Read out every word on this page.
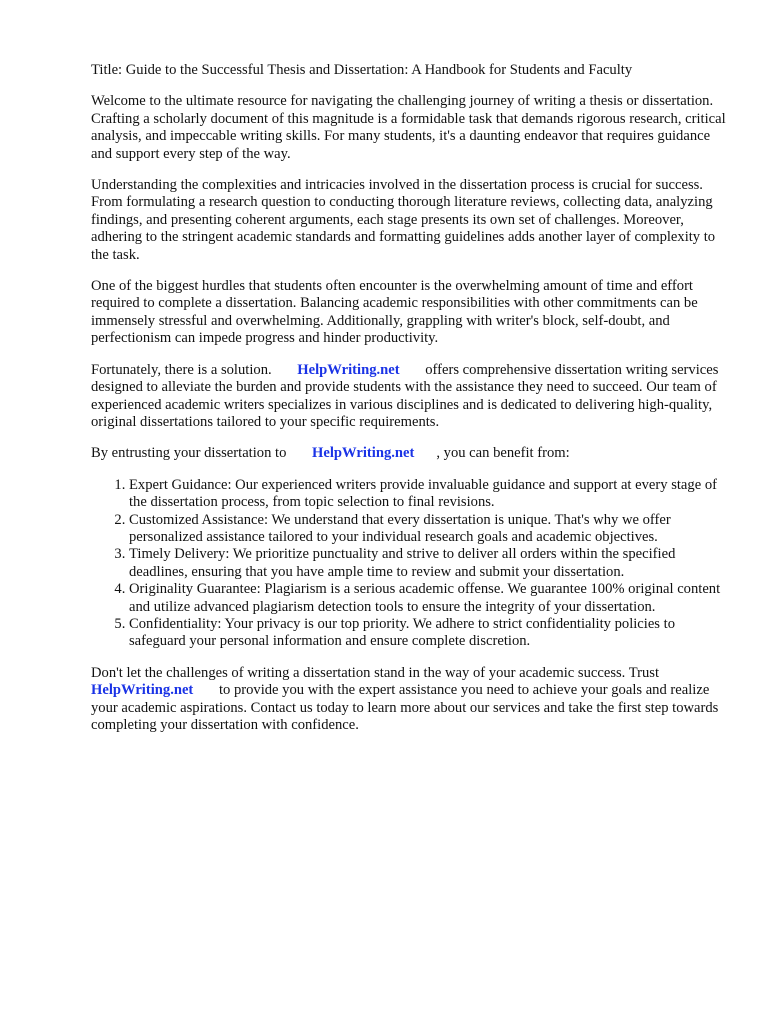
Title: Guide to the Successful Thesis and Dissertation: A Handbook for Students and Faculty

Welcome to the ultimate resource for navigating the challenging journey of writing a thesis or dissertation. Crafting a scholarly document of this magnitude is a formidable task that demands rigorous research, critical analysis, and impeccable writing skills. For many students, it's a daunting endeavor that requires guidance and support every step of the way.

Understanding the complexities and intricacies involved in the dissertation process is crucial for success. From formulating a research question to conducting thorough literature reviews, collecting data, analyzing findings, and presenting coherent arguments, each stage presents its own set of challenges. Moreover, adhering to the stringent academic standards and formatting guidelines adds another layer of complexity to the task.

One of the biggest hurdles that students often encounter is the overwhelming amount of time and effort required to complete a dissertation. Balancing academic responsibilities with other commitments can be immensely stressful and overwhelming. Additionally, grappling with writer's block, self-doubt, and perfectionism can impede progress and hinder productivity.

Fortunately, there is a solution. HelpWriting.net offers comprehensive dissertation writing services designed to alleviate the burden and provide students with the assistance they need to succeed. Our team of experienced academic writers specializes in various disciplines and is dedicated to delivering high-quality, original dissertations tailored to your specific requirements.

By entrusting your dissertation to HelpWriting.net , you can benefit from:

1. Expert Guidance: Our experienced writers provide invaluable guidance and support at every stage of the dissertation process, from topic selection to final revisions.
2. Customized Assistance: We understand that every dissertation is unique. That's why we offer personalized assistance tailored to your individual research goals and academic objectives.
3. Timely Delivery: We prioritize punctuality and strive to deliver all orders within the specified deadlines, ensuring that you have ample time to review and submit your dissertation.
4. Originality Guarantee: Plagiarism is a serious academic offense. We guarantee 100% original content and utilize advanced plagiarism detection tools to ensure the integrity of your dissertation.
5. Confidentiality: Your privacy is our top priority. We adhere to strict confidentiality policies to safeguard your personal information and ensure complete discretion.

Don't let the challenges of writing a dissertation stand in the way of your academic success. Trust HelpWriting.net to provide you with the expert assistance you need to achieve your goals and realize your academic aspirations. Contact us today to learn more about our services and take the first step towards completing your dissertation with confidence.
